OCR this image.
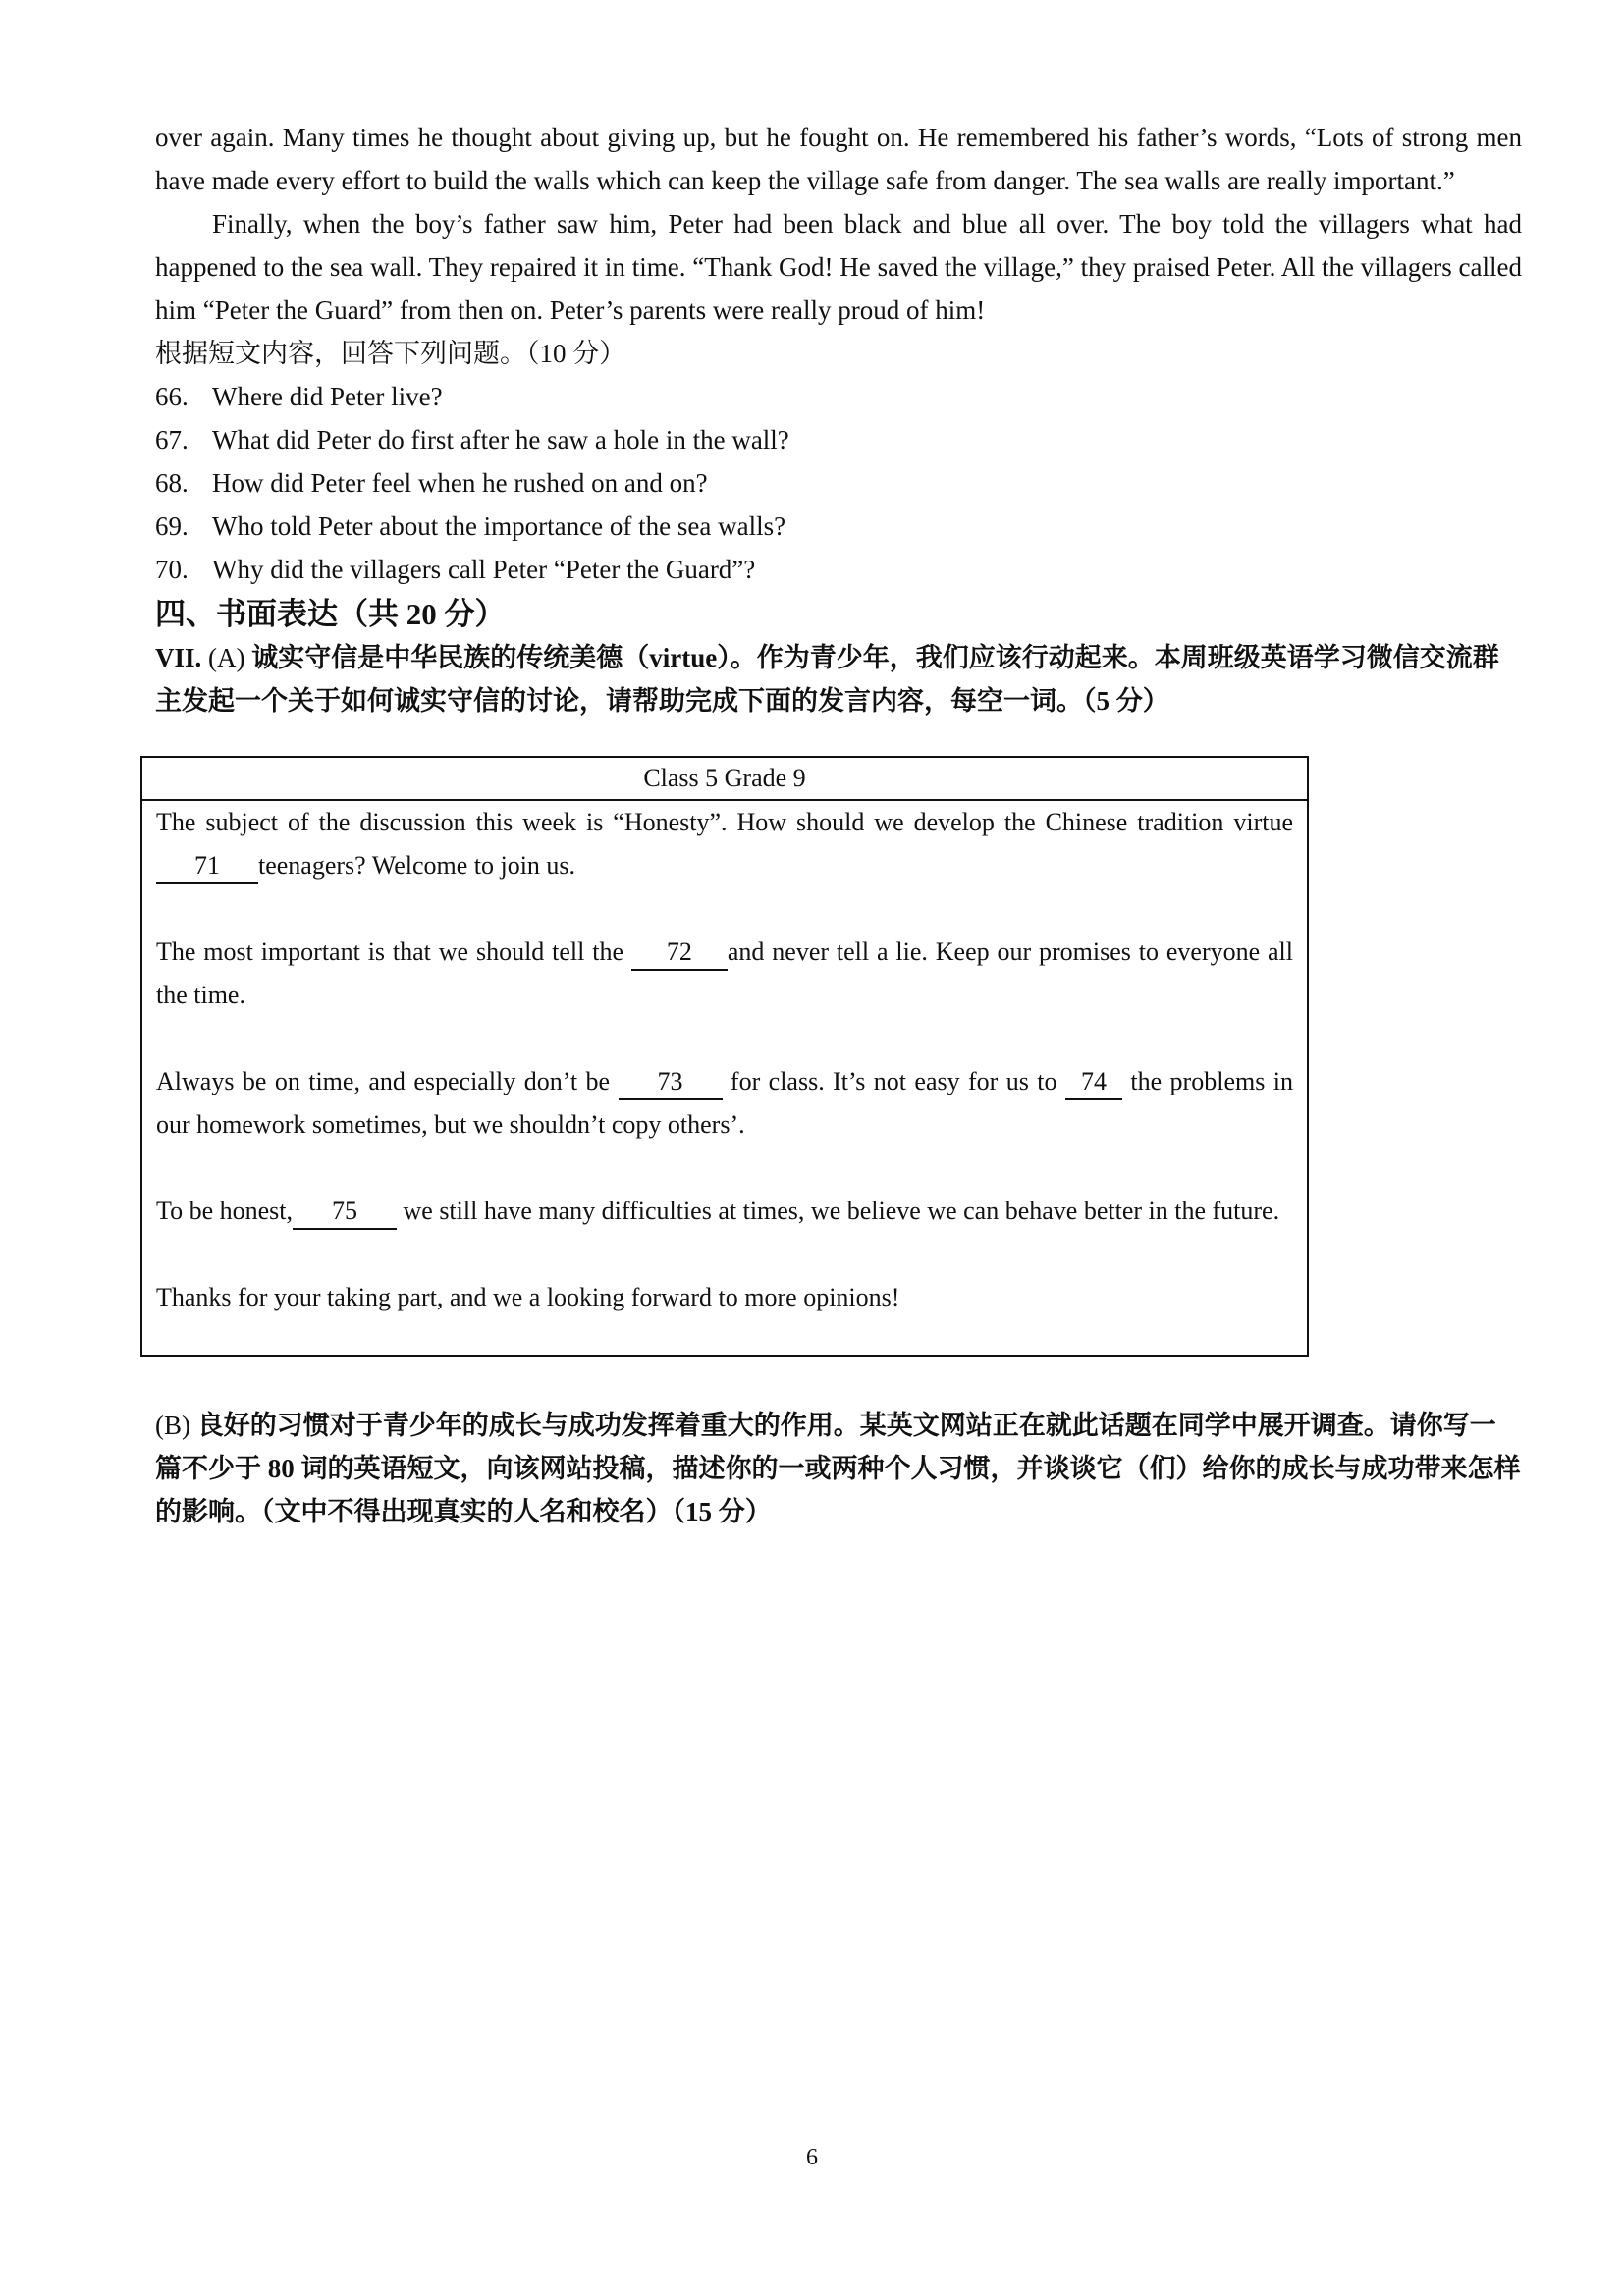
over again. Many times he thought about giving up, but he fought on. He remembered his father’s words, “Lots of strong men have made every effort to build the walls which can keep the village safe from danger. The sea walls are really important.”

Finally, when the boy’s father saw him, Peter had been black and blue all over. The boy told the villagers what had happened to the sea wall. They repaired it in time. “Thank God! He saved the village,” they praised Peter. All the villagers called him “Peter the Guard” from then on. Peter’s parents were really proud of him!

根据短文内容，回答下列问题。（10 分）

66. Where did Peter live?
67. What did Peter do first after he saw a hole in the wall?
68. How did Peter feel when he rushed on and on?
69. Who told Peter about the importance of the sea walls?
70. Why did the villagers call Peter “Peter the Guard”?

四、书面表达（共 20 分）

VII. (A) 诚实守信是中华民族的传统美德（virtue）。作为青少年，我们应该行动起来。本周班级英语学习微信交流群主发起一个关于如何诚实守信的讨论，请帮助完成下面的发言内容，每空一词。（5 分）

Class 5 Grade 9

The subject of the discussion this week is “Honesty”. How should we develop the Chinese tradition virtue 71 teenagers? Welcome to join us.

The most important is that we should tell the 72 and never tell a lie. Keep our promises to everyone all the time.

Always be on time, and especially don’t be 73 for class. It’s not easy for us to 74 the problems in our homework sometimes, but we shouldn’t copy others’.

To be honest, 75 we still have many difficulties at times, we believe we can behave better in the future.

Thanks for your taking part, and we a looking forward to more opinions!

(B) 良好的习惯对于青少年的成长与成功发挥着重大的作用。某英文网站正在就此话题在同学中展开调查。请你写一篇不少于 80 词的英语短文，向该网站投稿，描述你的一或两种个人习惯，并谈谈它（们）给你的成长与成功带来怎样的影响。（文中不得出现真实的人名和校名）（15 分）
6
